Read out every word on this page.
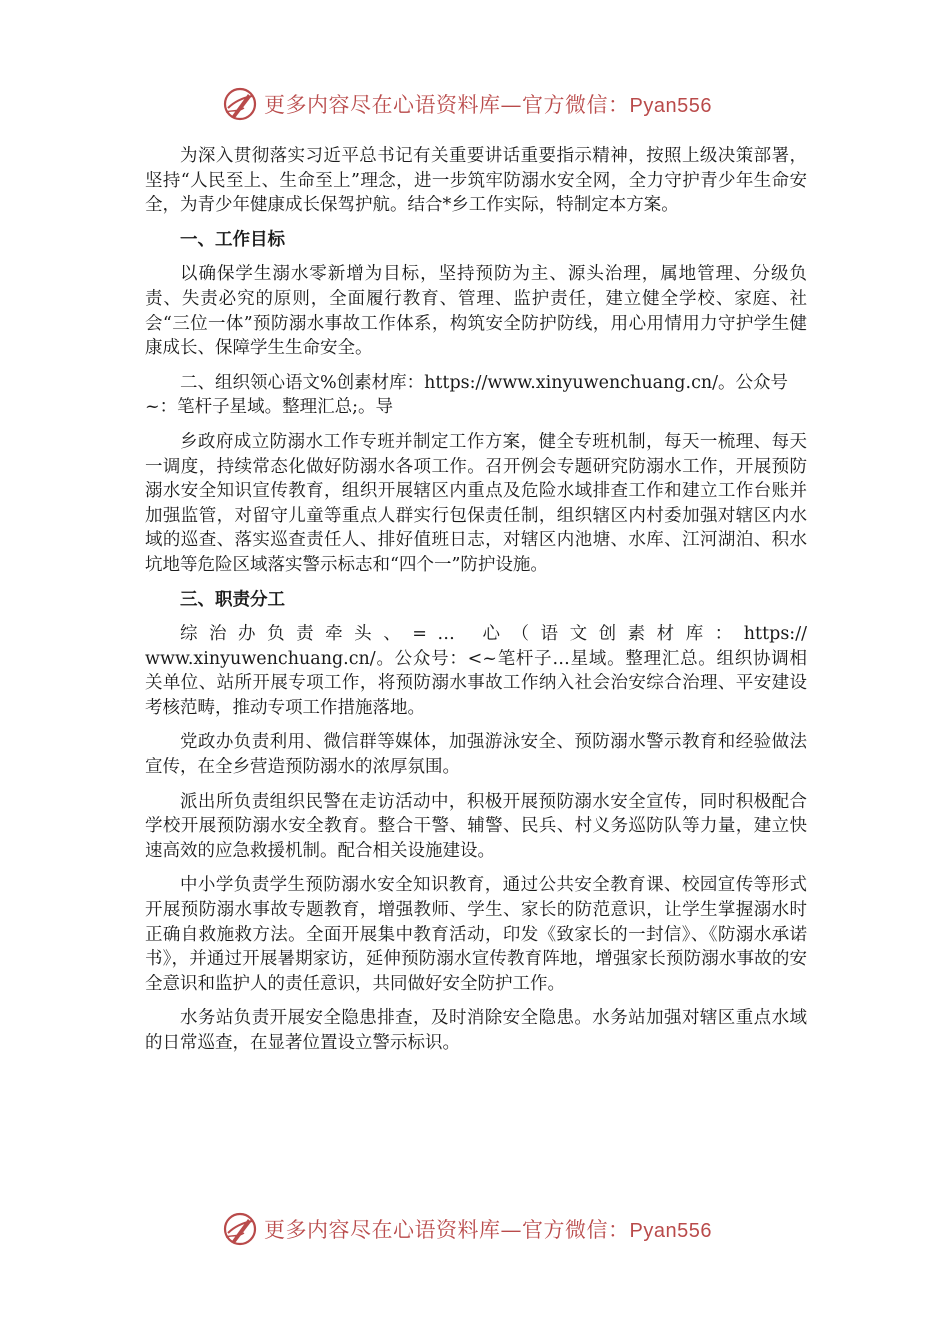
更多内容尽在心语资料库—官方微信：Pyan556

为深入贯彻落实习近平总书记有关重要讲话重要指示精神，按照上级决策部署，坚持“人民至上、生命至上”理念，进一步筑牢防溺水安全网，全力守护青少年生命安全，为青少年健康成长保驾护航。结合*乡工作实际，特制定本方案。

一、工作目标

以确保学生溺水零新增为目标，坚持预防为主、源头治理，属地管理、分级负责、失责必究的原则，全面履行教育、管理、监护责任，建立健全学校、家庭、社会“三位一体”预防溺水事故工作体系，构筑安全防护防线，用心用情用力守护学生健康成长、保障学生生命安全。

二、组织领心语文%创素材库：https://www.xinyuwenchuang.cn/。公众号~：笔杆子星域。整理汇总;。导

乡政府成立防溺水工作专班并制定工作方案，健全专班机制，每天一梳理、每天一调度，持续常态化做好防溺水各项工作。召开例会专题研究防溺水工作，开展预防溺水安全知识宣传教育，组织开展辖区内重点及危险水域排查工作和建立工作台账并加强监管，对留守儿童等重点人群实行包保责任制，组织辖区内村委加强对辖区内水域的巡查、落实巡查责任人、排好值班日志，对辖区内池塘、水库、江河湖泊、积水坑地等危险区域落实警示标志和“四个一”防护设施。

三、职责分工

综治办负责牵头、=… 心（语文创素材库：https://
www.xinyuwenchuang.cn/。公众号：<~笔杆子…星域。整理汇总。组织协调相关单位、站所开展专项工作，将预防溺水事故工作纳入社会治安综合治理、平安建设考核范畴，推动专项工作措施落地。

党政办负责利用、微信群等媒体，加强游泳安全、预防溺水警示教育和经验做法宣传，在全乡营造预防溺水的浓厚氛围。

派出所负责组织民警在走访活动中，积极开展预防溺水安全宣传，同时积极配合学校开展预防溺水安全教育。整合干警、辅警、民兵、村义务巡防队等力量，建立快速高效的应急救援机制。配合相关设施建设。

中小学负责学生预防溺水安全知识教育，通过公共安全教育课、校园宣传等形式开展预防溺水事故专题教育，增强教师、学生、家长的防范意识，让学生掌握溺水时正确自救施救方法。全面开展集中教育活动，印发《致家长的一封信》、《防溺水承诺书》，并通过开展暑期家访，延伸预防溺水宣传教育阵地，增强家长预防溺水事故的安全意识和监护人的责任意识，共同做好安全防护工作。

水务站负责开展安全隐患排查，及时消除安全隐患。水务站加强对辖区重点水域的日常巡查，在显著位置设立警示标识。

更多内容尽在心语资料库—官方微信：Pyan556
